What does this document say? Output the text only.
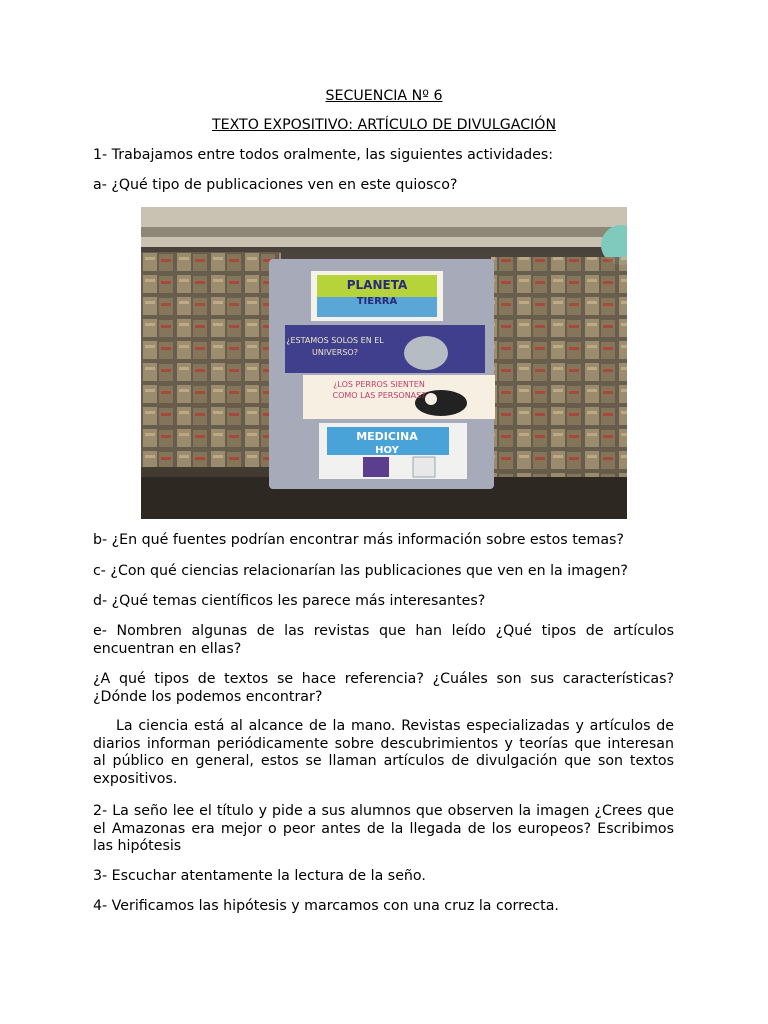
SECUENCIA Nº 6

TEXTO EXPOSITIVO: ARTÍCULO DE DIVULGACIÓN

1- Trabajamos entre todos oralmente, las siguientes actividades:

a- ¿Qué tipo de publicaciones ven en este quiosco?

PLANETA
TIERRA
¿ESTAMOS SOLOS EN EL
UNIVERSO?
¿LOS PERROS SIENTEN
COMO LAS PERSONAS?
MEDICINA
HOY

b- ¿En qué fuentes podrían encontrar más información sobre estos temas?

c- ¿Con qué ciencias relacionarían las publicaciones que ven en la imagen?

d- ¿Qué temas científicos les parece más interesantes?

e- Nombren algunas de las revistas que han leído ¿Qué tipos de artículos encuentran en ellas?

¿A qué tipos de textos se hace referencia? ¿Cuáles son sus características? ¿Dónde los podemos encontrar?

La ciencia está al alcance de la mano. Revistas especializadas y artículos de diarios informan periódicamente sobre descubrimientos y teorías que interesan al público en general, estos se llaman artículos de divulgación que son textos expositivos.

2- La seño lee el título y pide a sus alumnos que observen la imagen ¿Crees que el Amazonas era mejor o peor antes de la llegada de los europeos? Escribimos las hipótesis

3- Escuchar atentamente la lectura de la seño.

4- Verificamos las hipótesis y marcamos con una cruz la correcta.
